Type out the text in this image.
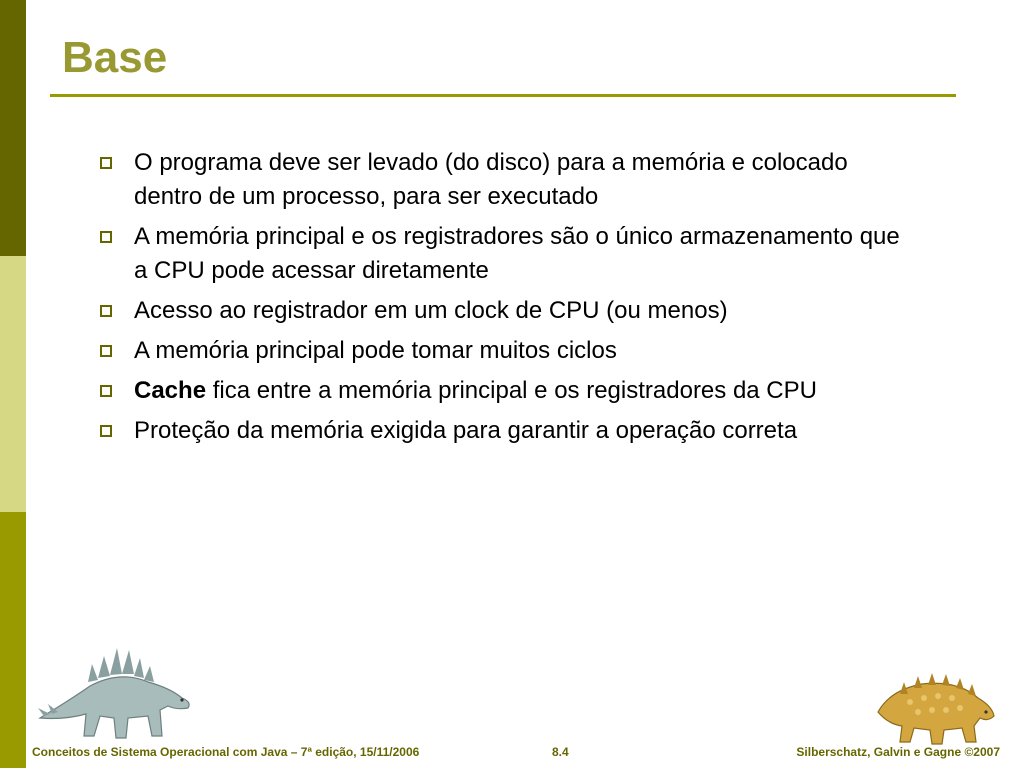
Base
O programa deve ser levado (do disco) para a memória e colocado dentro de um processo, para ser executado
A memória principal e os registradores são o único armazenamento que a CPU pode acessar diretamente
Acesso ao registrador em um clock de CPU (ou menos)
A memória principal pode tomar muitos ciclos
Cache fica entre a memória principal e os registradores da CPU
Proteção da memória exigida para garantir a operação correta
Conceitos de Sistema Operacional com Java – 7ª edição, 15/11/2006	8.4	Silberschatz, Galvin e Gagne ©2007
